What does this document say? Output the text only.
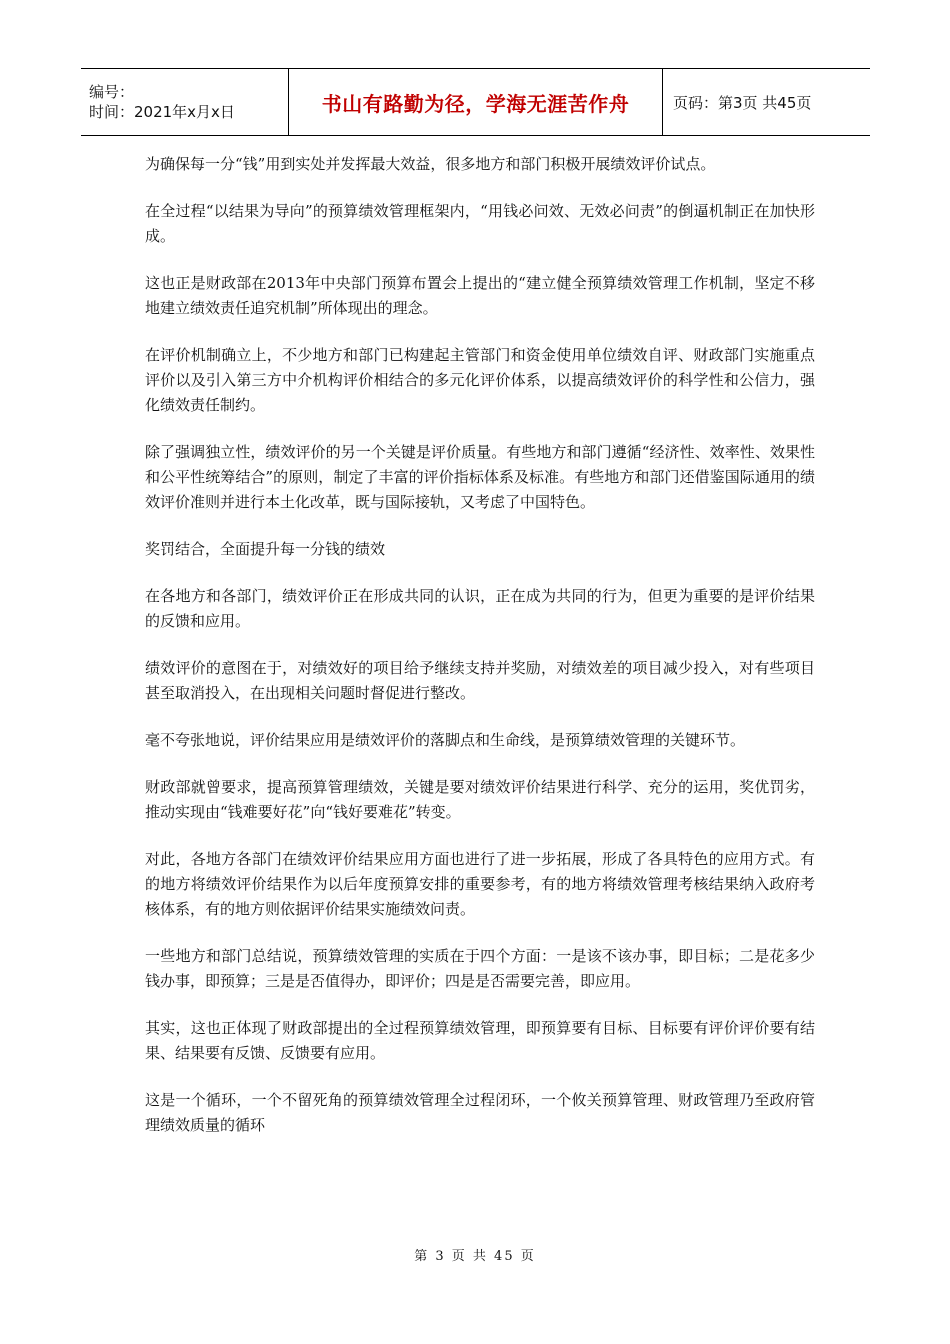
编号：
时间：2021年x月x日	书山有路勤为径，学海无涯苦作舟	页码：第3页 共45页

为确保每一分“钱”用到实处并发挥最大效益，很多地方和部门积极开展绩效评价试点。

在全过程“以结果为导向”的预算绩效管理框架内，“用钱必问效、无效必问责”的倒逼机制正在加快形成。

这也正是财政部在2013年中央部门预算布置会上提出的“建立健全预算绩效管理工作机制，坚定不移地建立绩效责任追究机制”所体现出的理念。

在评价机制确立上，不少地方和部门已构建起主管部门和资金使用单位绩效自评、财政部门实施重点评价以及引入第三方中介机构评价相结合的多元化评价体系，以提高绩效评价的科学性和公信力，强化绩效责任制约。

除了强调独立性，绩效评价的另一个关键是评价质量。有些地方和部门遵循“经济性、效率性、效果性和公平性统筹结合”的原则，制定了丰富的评价指标体系及标准。有些地方和部门还借鉴国际通用的绩效评价准则并进行本土化改革，既与国际接轨，又考虑了中国特色。

奖罚结合，全面提升每一分钱的绩效

在各地方和各部门，绩效评价正在形成共同的认识，正在成为共同的行为，但更为重要的是评价结果的反馈和应用。

绩效评价的意图在于，对绩效好的项目给予继续支持并奖励，对绩效差的项目减少投入，对有些项目甚至取消投入，在出现相关问题时督促进行整改。

毫不夸张地说，评价结果应用是绩效评价的落脚点和生命线，是预算绩效管理的关键环节。

财政部就曾要求，提高预算管理绩效，关键是要对绩效评价结果进行科学、充分的运用，奖优罚劣，推动实现由“钱难要好花”向“钱好要难花”转变。

对此，各地方各部门在绩效评价结果应用方面也进行了进一步拓展，形成了各具特色的应用方式。有的地方将绩效评价结果作为以后年度预算安排的重要参考，有的地方将绩效管理考核结果纳入政府考核体系，有的地方则依据评价结果实施绩效问责。

一些地方和部门总结说，预算绩效管理的实质在于四个方面：一是该不该办事，即目标；二是花多少钱办事，即预算；三是是否值得办，即评价；四是是否需要完善，即应用。

其实，这也正体现了财政部提出的全过程预算绩效管理，即预算要有目标、目标要有评价评价要有结果、结果要有反馈、反馈要有应用。

这是一个循环，一个不留死角的预算绩效管理全过程闭环，一个攸关预算管理、财政管理乃至政府管理绩效质量的循环

第 3 页 共 45 页
